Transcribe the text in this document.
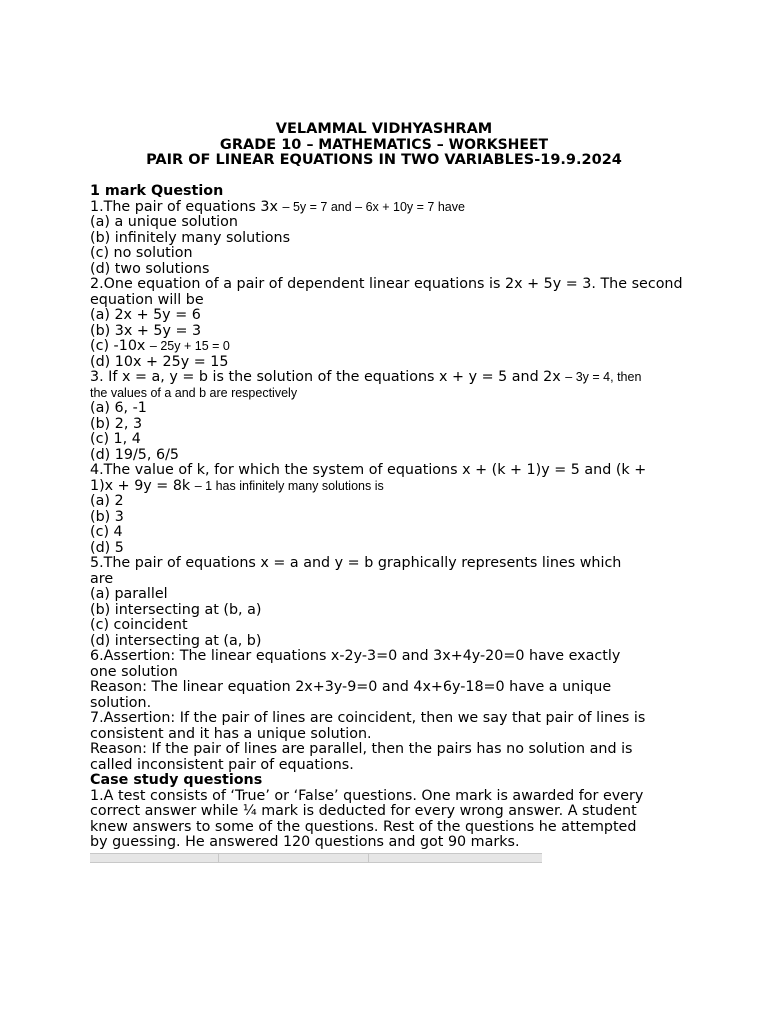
VELAMMAL VIDHYASHRAM
GRADE 10 – MATHEMATICS – WORKSHEET
PAIR OF LINEAR EQUATIONS IN TWO VARIABLES-19.9.2024
1 mark Question
1.The pair of equations 3x – 5y = 7 and – 6x + 10y = 7 have
(a) a unique solution
(b) infinitely many solutions
(c) no solution
(d) two solutions
2.One equation of a pair of dependent linear equations is 2x + 5y = 3. The second equation will be
(a) 2x + 5y = 6
(b) 3x + 5y = 3
(c) -10x – 25y + 15 = 0
(d) 10x + 25y = 15
3. If x = a, y = b is the solution of the equations x + y = 5 and 2x – 3y = 4, then
the values of a and b are respectively
(a) 6, -1
(b) 2, 3
(c) 1, 4
(d) 19/5, 6/5
4.The value of k, for which the system of equations x + (k + 1)y = 5 and (k +
1)x + 9y = 8k – 1 has infinitely many solutions is
(a) 2
(b) 3
(c) 4
(d) 5
5.The pair of equations x = a and y = b graphically represents lines which
are
(a) parallel
(b) intersecting at (b, a)
(c) coincident
(d) intersecting at (a, b)
6.Assertion: The linear equations x-2y-3=0 and 3x+4y-20=0 have exactly
one solution
Reason: The linear equation 2x+3y-9=0 and 4x+6y-18=0 have a unique
solution.
7.Assertion: If the pair of lines are coincident, then we say that pair of lines is
consistent and it has a unique solution.
Reason: If the pair of lines are parallel, then the pairs has no solution and is
called inconsistent pair of equations.
Case study questions
1.A test consists of ‘True’ or ‘False’ questions. One mark is awarded for every
correct answer while ¼ mark is deducted for every wrong answer. A student
knew answers to some of the questions. Rest of the questions he attempted
by guessing. He answered 120 questions and got 90 marks.
